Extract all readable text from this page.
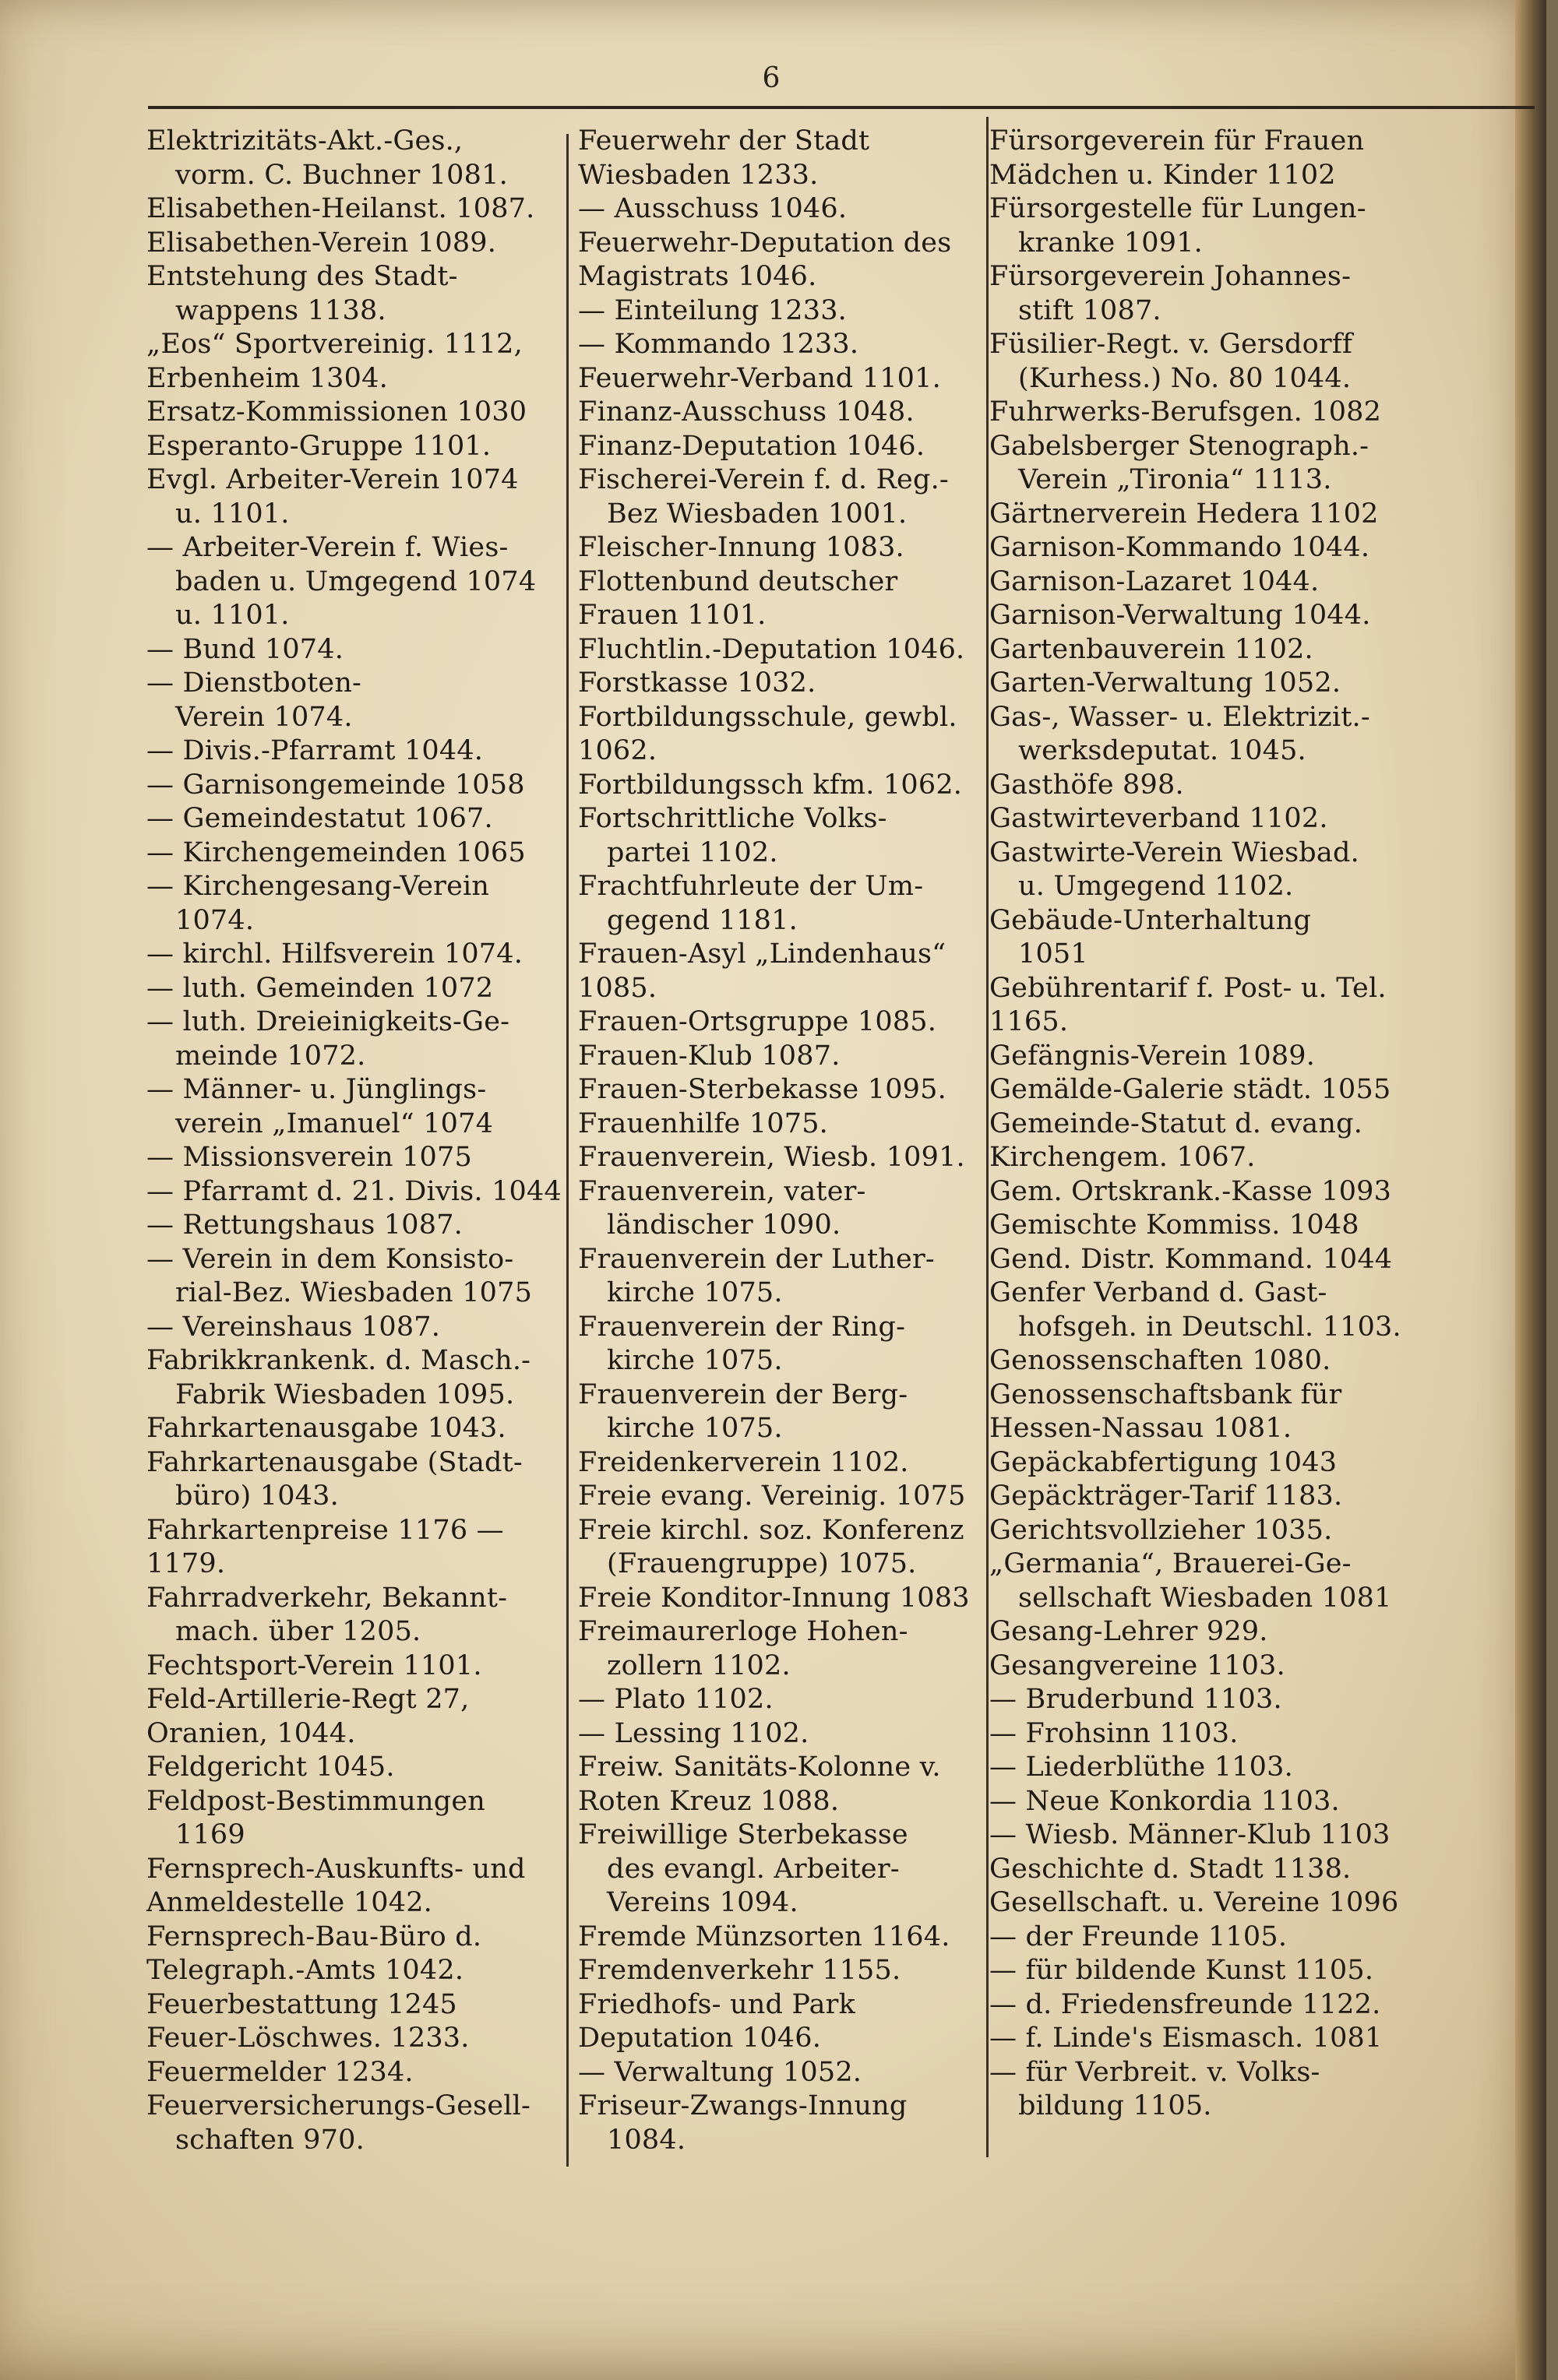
6
Elektrizitäts-Akt.-Ges.,
vorm. C. Buchner 1081.
Elisabethen-Heilanst. 1087.
Elisabethen-Verein 1089.
Entstehung des Stadt-
wappens 1138.
„Eos“ Sportvereinig. 1112,
Erbenheim 1304.
Ersatz-Kommissionen 1030
Esperanto-Gruppe 1101.
Evgl. Arbeiter-Verein 1074
u. 1101.
— Arbeiter-Verein f. Wies-
baden u. Umgegend 1074
u. 1101.
— Bund 1074.
— Dienstboten-
Verein 1074.
— Divis.-Pfarramt 1044.
— Garnisongemeinde 1058
— Gemeindestatut 1067.
— Kirchengemeinden 1065
— Kirchengesang-Verein
1074.
— kirchl. Hilfsverein 1074.
— luth. Gemeinden 1072
— luth. Dreieinigkeits-Ge-
meinde 1072.
— Männer- u. Jünglings-
verein „Imanuel“ 1074
— Missionsverein 1075
— Pfarramt d. 21. Divis. 1044
— Rettungshaus 1087.
— Verein in dem Konsisto-
rial-Bez. Wiesbaden 1075
— Vereinshaus 1087.
Fabrikkrankenk. d. Masch.-
Fabrik Wiesbaden 1095.
Fahrkartenausgabe 1043.
Fahrkartenausgabe (Stadt-
büro) 1043.
Fahrkartenpreise 1176 —
1179.
Fahrradverkehr, Bekannt-
mach. über 1205.
Fechtsport-Verein 1101.
Feld-Artillerie-Regt 27,
Oranien, 1044.
Feldgericht 1045.
Feldpost-Bestimmungen
1169
Fernsprech-Auskunfts- und
Anmeldestelle 1042.
Fernsprech-Bau-Büro d.
Telegraph.-Amts 1042.
Feuerbestattung 1245
Feuer-Löschwes. 1233.
Feuermelder 1234.
Feuerversicherungs-Gesell-
schaften 970.
Feuerwehr der Stadt
Wiesbaden 1233.
— Ausschuss 1046.
Feuerwehr-Deputation des
Magistrats 1046.
— Einteilung 1233.
— Kommando 1233.
Feuerwehr-Verband 1101.
Finanz-Ausschuss 1048.
Finanz-Deputation 1046.
Fischerei-Verein f. d. Reg.-
Bez Wiesbaden 1001.
Fleischer-Innung 1083.
Flottenbund deutscher
Frauen 1101.
Fluchtlin.-Deputation 1046.
Forstkasse 1032.
Fortbildungsschule, gewbl.
1062.
Fortbildungssch kfm. 1062.
Fortschrittliche Volks-
partei 1102.
Frachtfuhrleute der Um-
gegend 1181.
Frauen-Asyl „Lindenhaus“
1085.
Frauen-Ortsgruppe 1085.
Frauen-Klub 1087.
Frauen-Sterbekasse 1095.
Frauenhilfe 1075.
Frauenverein, Wiesb. 1091.
Frauenverein, vater-
ländischer 1090.
Frauenverein der Luther-
kirche 1075.
Frauenverein der Ring-
kirche 1075.
Frauenverein der Berg-
kirche 1075.
Freidenkerverein 1102.
Freie evang. Vereinig. 1075
Freie kirchl. soz. Konferenz
(Frauengruppe) 1075.
Freie Konditor-Innung 1083
Freimaurerloge Hohen-
zollern 1102.
— Plato 1102.
— Lessing 1102.
Freiw. Sanitäts-Kolonne v.
Roten Kreuz 1088.
Freiwillige Sterbekasse
des evangl. Arbeiter-
Vereins 1094.
Fremde Münzsorten 1164.
Fremdenverkehr 1155.
Friedhofs- und Park
Deputation 1046.
— Verwaltung 1052.
Friseur-Zwangs-Innung
1084.
Fürsorgeverein für Frauen
Mädchen u. Kinder 1102
Fürsorgestelle für Lungen-
kranke 1091.
Fürsorgeverein Johannes-
stift 1087.
Füsilier-Regt. v. Gersdorff
(Kurhess.) No. 80 1044.
Fuhrwerks-Berufsgen. 1082
Gabelsberger Stenograph.-
Verein „Tironia“ 1113.
Gärtnerverein Hedera 1102
Garnison-Kommando 1044.
Garnison-Lazaret 1044.
Garnison-Verwaltung 1044.
Gartenbauverein 1102.
Garten-Verwaltung 1052.
Gas-, Wasser- u. Elektrizit.-
werksdeputat. 1045.
Gasthöfe 898.
Gastwirteverband 1102.
Gastwirte-Verein Wiesbad.
u. Umgegend 1102.
Gebäude-Unterhaltung
1051
Gebührentarif f. Post- u. Tel.
1165.
Gefängnis-Verein 1089.
Gemälde-Galerie städt. 1055
Gemeinde-Statut d. evang.
Kirchengem. 1067.
Gem. Ortskrank.-Kasse 1093
Gemischte Kommiss. 1048
Gend. Distr. Kommand. 1044
Genfer Verband d. Gast-
hofsgeh. in Deutschl. 1103.
Genossenschaften 1080.
Genossenschaftsbank für
Hessen-Nassau 1081.
Gepäckabfertigung 1043
Gepäckträger-Tarif 1183.
Gerichtsvollzieher 1035.
„Germania“, Brauerei-Ge-
sellschaft Wiesbaden 1081
Gesang-Lehrer 929.
Gesangvereine 1103.
— Bruderbund 1103.
— Frohsinn 1103.
— Liederblüthe 1103.
— Neue Konkordia 1103.
— Wiesb. Männer-Klub 1103
Geschichte d. Stadt 1138.
Gesellschaft. u. Vereine 1096
— der Freunde 1105.
— für bildende Kunst 1105.
— d. Friedensfreunde 1122.
— f. Linde's Eismasch. 1081
— für Verbreit. v. Volks-
bildung 1105.
